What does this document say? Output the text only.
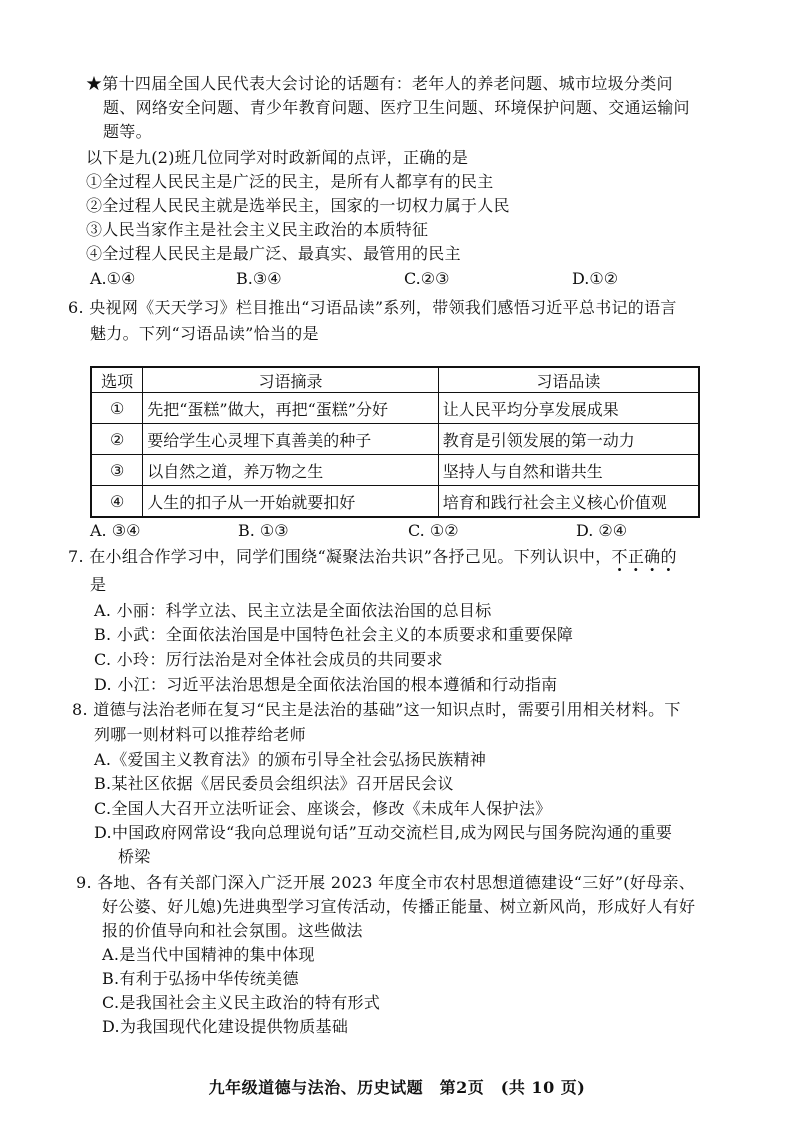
★第十四届全国人民代表大会讨论的话题有：老年人的养老问题、城市垃圾分类问
题、网络安全问题、青少年教育问题、医疗卫生问题、环境保护问题、交通运输问
题等。
以下是九(2)班几位同学对时政新闻的点评，正确的是
①全过程人民民主是广泛的民主，是所有人都享有的民主
②全过程人民民主就是选举民主，国家的一切权力属于人民
③人民当家作主是社会主义民主政治的本质特征
④全过程人民民主是最广泛、最真实、最管用的民主
A.①④	B.③④	C.②③	D.①②
6. 央视网《天天学习》栏目推出“习语品读”系列，带领我们感悟习近平总书记的语言
魅力。下列“习语品读”恰当的是
选项	习语摘录	习语品读
①	先把“蛋糕”做大，再把“蛋糕”分好	让人民平均分享发展成果
②	要给学生心灵埋下真善美的种子	教育是引领发展的第一动力
③	以自然之道，养万物之生	坚持人与自然和谐共生
④	人生的扣子从一开始就要扣好	培育和践行社会主义核心价值观
A. ③④	B. ①③	C. ①②	D. ②④
7. 在小组合作学习中，同学们围绕“凝聚法治共识”各抒己见。下列认识中，不正确的
是
A. 小丽：科学立法、民主立法是全面依法治国的总目标
B. 小武：全面依法治国是中国特色社会主义的本质要求和重要保障
C. 小玲：厉行法治是对全体社会成员的共同要求
D. 小江：习近平法治思想是全面依法治国的根本遵循和行动指南
8. 道德与法治老师在复习“民主是法治的基础”这一知识点时，需要引用相关材料。下
列哪一则材料可以推荐给老师
A.《爱国主义教育法》的颁布引导全社会弘扬民族精神
B.某社区依据《居民委员会组织法》召开居民会议
C.全国人大召开立法听证会、座谈会，修改《未成年人保护法》
D.中国政府网常设“我向总理说句话”互动交流栏目,成为网民与国务院沟通的重要
桥梁
9. 各地、各有关部门深入广泛开展 2023 年度全市农村思想道德建设“三好”(好母亲、
好公婆、好儿媳)先进典型学习宣传活动，传播正能量、树立新风尚，形成好人有好
报的价值导向和社会氛围。这些做法
A.是当代中国精神的集中体现
B.有利于弘扬中华传统美德
C.是我国社会主义民主政治的特有形式
D.为我国现代化建设提供物质基础
九年级道德与法治、历史试题　第2页　(共 10 页)
